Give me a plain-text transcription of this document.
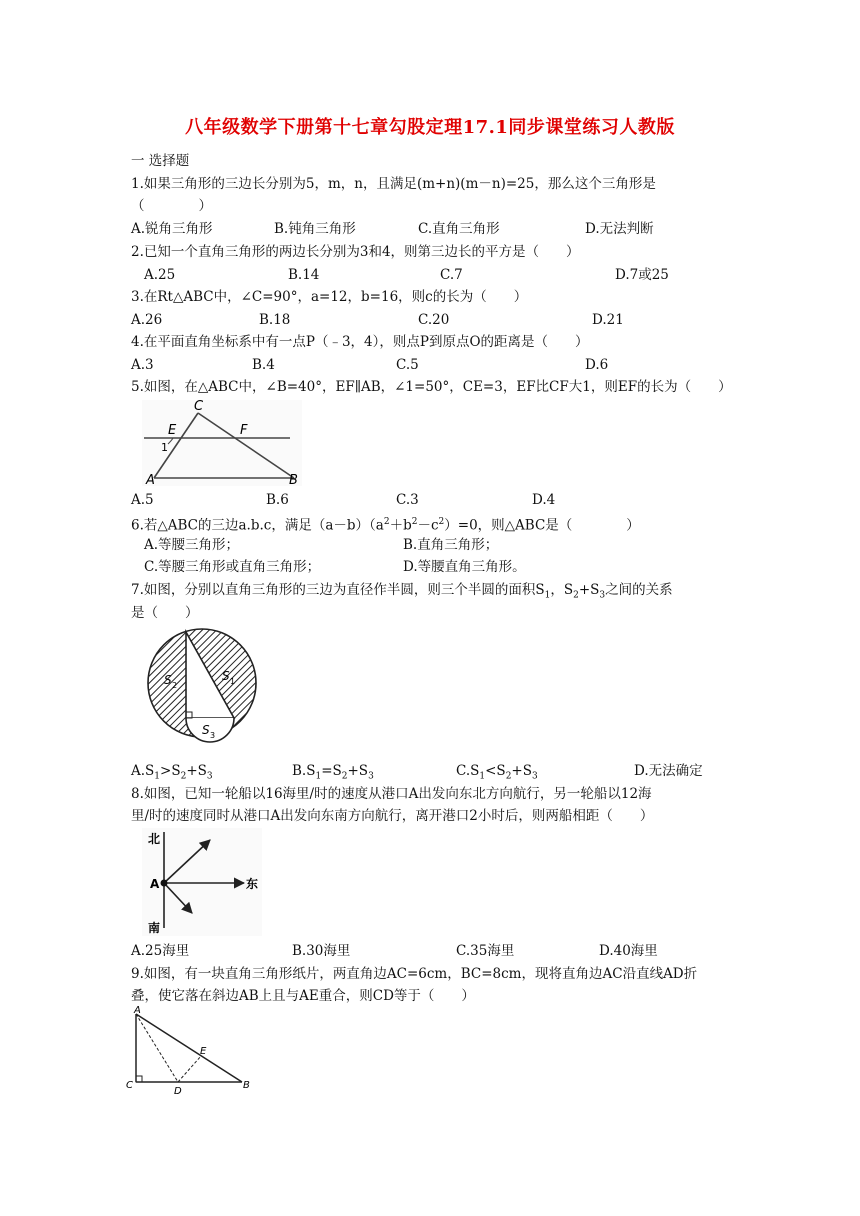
八年级数学下册第十七章勾股定理17.1同步课堂练习人教版
一 选择题
1.如果三角形的三边长分别为5，m，n，且满足(m+n)(m－n)=25，那么这个三角形是
（　　　　）
A.锐角三角形	B.钝角三角形	C.直角三角形	D.无法判断
2.已知一个直角三角形的两边长分别为3和4，则第三边长的平方是（　　）
A.25	B.14	C.7	D.7或25
3.在Rt△ABC中，∠C=90°，a=12，b=16，则c的长为（　　）
A.26	B.18	C.20	D.21
4.在平面直角坐标系中有一点P（﹣3，4），则点P到原点O的距离是（　　）
A.3	B.4	C.5	D.6
5.如图，在△ABC中，∠B=40°，EF∥AB，∠1=50°，CE=3，EF比CF大1，则EF的长为（　　）
C
E	F
1
A	B
A.5	B.6	C.3	D.4
6.若△ABC的三边a.b.c，满足$(a-b)(a^2+b^2-c^2)=0$，则△ABC是（　　　　）
A.等腰三角形；	B.直角三角形；
C.等腰三角形或直角三角形；	D.等腰直角三角形。
7.如图，分别以直角三角形的三边为直径作半圆，则三个半圆的面积$S_1$，$S_2+S_3$之间的关系
是（　　）
S 2
S 1
S 3
$A.S_1>S_2+S_3$	$B.S_1=S_2+S_3$	$C.S_1<S_2+S_3$	D.无法确定
8.如图，已知一轮船以16海里/时的速度从港口A出发向东北方向航行，另一轮船以12海
里/时的速度同时从港口A出发向东南方向航行，离开港口2小时后，则两船相距（　　）
北
南
东
A
A.25海里	B.30海里	C.35海里	D.40海里
9.如图，有一块直角三角形纸片，两直角边AC=6cm，BC=8cm，现将直角边AC沿直线AD折
叠，使它落在斜边AB上且与AE重合，则CD等于（　　）
A
E
C
D
B
